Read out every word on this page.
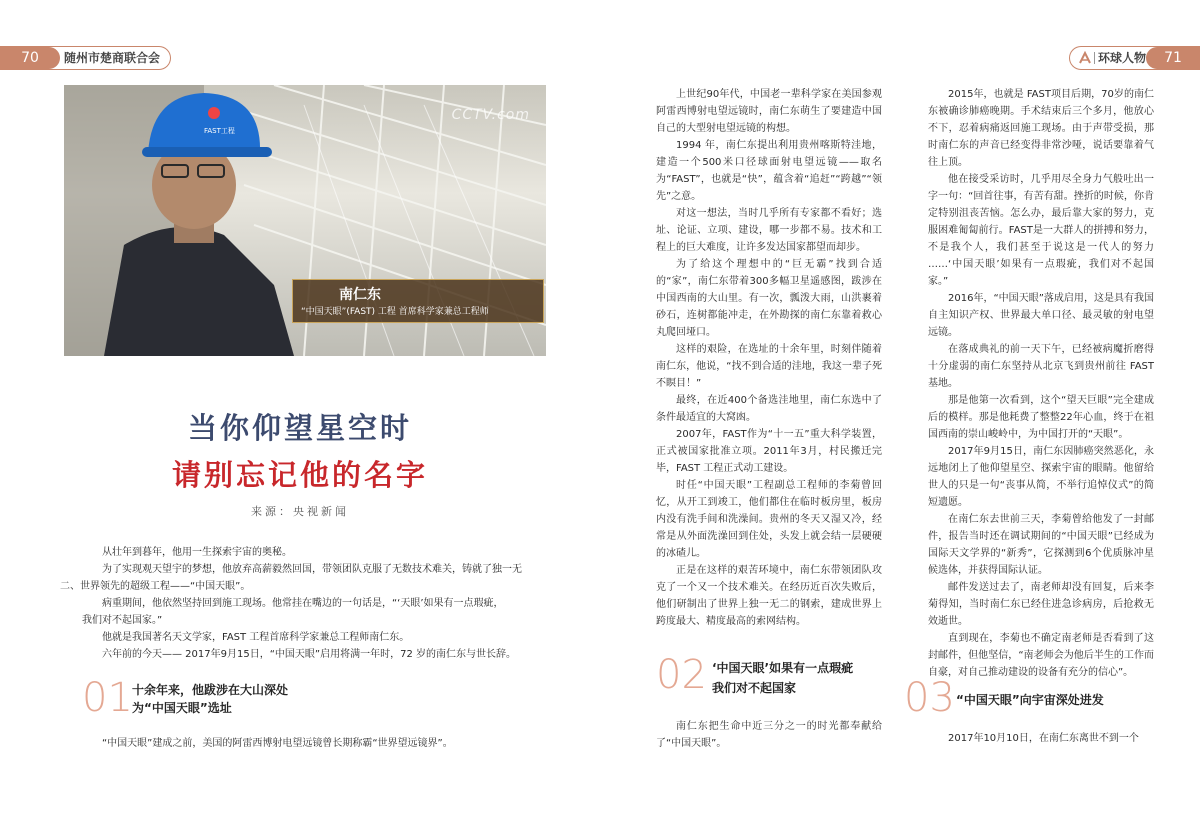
70	随州市楚商联合会
FAST工程
CCTV.com
南仁东
“中国天眼”(FAST) 工程 首席科学家兼总工程师
当你仰望星空时
请别忘记他的名字
来源：央视新闻

从壮年到暮年，他用一生探索宇宙的奥秘。

为了实现观天望宇的梦想，他放弃高薪毅然回国，带领团队克服了无数技术难关，铸就了独一无

二、世界领先的超级工程——“中国天眼”。

病重期间，他依然坚持回到施工现场。他常挂在嘴边的一句话是，“‘天眼’如果有一点瑕疵，

我们对不起国家。”

他就是我国著名天文学家，FAST 工程首席科学家兼总工程师南仁东。

六年前的今天—— 2017年9月15日，“中国天眼”启用将满一年时，72 岁的南仁东与世长辞。

01 十余年来，他跋涉在大山深处
为“中国天眼”选址

“中国天眼”建成之前，美国的阿雷西博射电望远镜曾长期称霸“世界望远镜界”。

环球人物	71

上世纪90年代，中国老一辈科学家在美国参观阿雷西博射电望远镜时，南仁东萌生了要建造中国自己的大型射电望远镜的构想。

1994 年，南仁东提出利用贵州喀斯特洼地，建造一个500米口径球面射电望远镜——取名为“FAST”，也就是“快”，蕴含着“追赶”“跨越”“领先”之意。

对这一想法，当时几乎所有专家都不看好；选址、论证、立项、建设，哪一步都不易。技术和工程上的巨大难度，让许多发达国家都望而却步。

为了给这个理想中的“巨无霸”找到合适的“家”，南仁东带着300多幅卫星遥感图，跋涉在中国西南的大山里。有一次，瓢泼大雨，山洪裹着砂石，连树都能冲走，在外勘探的南仁东靠着救心丸爬回垭口。

这样的艰险，在选址的十余年里，时刻伴随着南仁东，他说，“找不到合适的洼地，我这一辈子死不瞑目！”

最终，在近400个备选洼地里，南仁东选中了条件最适宜的大窝凼。

2007年，FAST作为“十一五”重大科学装置，正式被国家批准立项。2011年3月，村民搬迁完毕，FAST 工程正式动工建设。

时任“中国天眼”工程副总工程师的李菊曾回忆，从开工到竣工，他们都住在临时板房里，板房内没有洗手间和洗澡间。贵州的冬天又湿又冷，经常是从外面洗澡回到住处，头发上就会结一层硬硬的冰碴儿。

正是在这样的艰苦环境中，南仁东带领团队攻克了一个又一个技术难关。在经历近百次失败后，他们研制出了世界上独一无二的钢索，建成世界上跨度最大、精度最高的索网结构。

02 ‘中国天眼’如果有一点瑕疵
我们对不起国家

南仁东把生命中近三分之一的时光都奉献给了“中国天眼”。

2015年，也就是 FAST项目后期，70岁的南仁东被确诊肺癌晚期。手术结束后三个多月，他放心不下，忍着病痛返回施工现场。由于声带受损，那时南仁东的声音已经变得非常沙哑，说话要靠着气往上顶。

他在接受采访时，几乎用尽全身力气般吐出一字一句：“回首往事，有苦有甜。挫折的时候，你肯定特别沮丧苦恼。怎么办，最后靠大家的努力，克服困难匍匐前行。FAST是一大群人的拼搏和努力，不是我个人，我们甚至于说这是一代人的努力 ……‘中国天眼’如果有一点瑕疵，我们对不起国家。”

2016年，“中国天眼”落成启用，这是具有我国自主知识产权、世界最大单口径、最灵敏的射电望远镜。

在落成典礼的前一天下午，已经被病魔折磨得十分虚弱的南仁东坚持从北京飞到贵州前往 FAST 基地。

那是他第一次看到，这个“望天巨眼”完全建成后的模样。那是他耗费了整整22年心血，终于在祖国西南的崇山峻岭中，为中国打开的“天眼”。

2017年9月15日，南仁东因肺癌突然恶化，永远地闭上了他仰望星空、探索宇宙的眼睛。他留给世人的只是一句“丧事从简，不举行追悼仪式”的简短遗愿。

在南仁东去世前三天，李菊曾给他发了一封邮件，报告当时还在调试期间的“中国天眼”已经成为国际天文学界的“新秀”，它探测到6个优质脉冲星候选体，并获得国际认证。

邮件发送过去了，南老师却没有回复，后来李菊得知，当时南仁东已经住进急诊病房，后抢救无效逝世。

直到现在，李菊也不确定南老师是否看到了这封邮件，但他坚信，“南老师会为他后半生的工作而自豪，对自己推动建设的设备有充分的信心”。

03 “中国天眼”向宇宙深处进发

2017年10月10日，在南仁东离世不到一个
